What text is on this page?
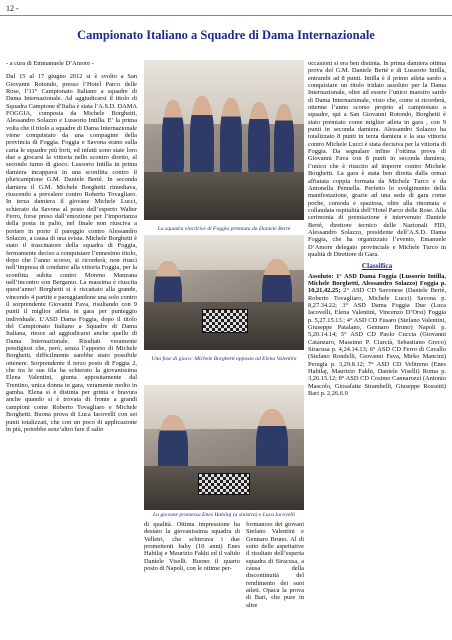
12 -
Campionato Italiano a Squadre di Dama Internazionale

- a cura di Emmanuele D’Amore -

Dal 15 al 17 giugno 2012 si è svolto a San Giovanni Rotondo, presso l’Hotel Parco delle Rose, l’11° Campionato Italiano a squadre di Dama Internazionale. Ad aggiudicarsi il titolo di Squadra Campione d’Italia è stata l’A.S.D. DAMA FOGGIA, composta da Michele Borghetti, Alessandro Solazzo e Lussorio Intilla. E’ la prima volta che il titolo a squadre di Dama Internazionale viene conquistato da una compagine della provincia di Foggia. Foggia e Savona erano sulla carta le squadre più forti, ed infatti sono state loro due a giocarsi la vittoria nello scontro diretto, al secondo turno di gioco. Lussorio Intilla in prima damiera incappava in una sconfitta contro il pluricampione G.M. Daniele Bertè. In seconda damiera il G.M. Michele Borghetti rimediava, riuscendo a prevalere contro Roberto Tovagliaro. In terza damiera il giovane Michele Lucci, schierato da Savona al posto dell’esperto Walter Ferro, forse preso dall’emozione per l’importanza della posta in palio, nel finale non riusciva a portare in porto il pareggio contro Alessandro Solazzo, a causa di una svista. Michele Borghetti è stato il trascinatore della squadra di Foggia, fermamente deciso a conquistare l’ennesimo titolo, dopo che l’anno scorso, si ricorderà, non riuscì nell’impresa di condurre alla vittoria Foggia, per la sconfitta subita contro Moreno Manzana nell’incontro con Bergamo. La massima è riuscita quest’anno! Borghetti si è riscattato alla grande, vincendo 4 partite e pareggiandone una solo contro il sorprendente Giovanni Fava, risultando con 9 punti il miglior atleta in gara per punteggio individuale. L’ASD Dama Foggia, dopo il titolo del Campionato Italiano a Squadre di Dama Italiana, riesce ad aggiudicarsi anche quello di Dama Internazionale. Risultati veramente prestigiosi che, però, senza l’apporto di Michele Borghetti, difficilmente sarebbe stato possibile ottenere. Sorprendente il terzo posto di Foggia 2, che tra le sue fila ha schierato la giovanissima Elena Valentini, giunta appositamente dal Trentino, unica donna in gara, veramente molto in gamba. Elena si è distinta per grinta e bravura anche quando si è trovata di fronte a grandi campioni come Roberto Tovagliaro e Michele Borghetti. Buona prova di Luca Iacovelli con sei punti totalizzati, che con un poco di applicazione in più, potrebbe senz’altro fare il salto

La squadra vincitrice di Foggia premiata da Daniele Bertè
Una fase di gioco: Michele Borghetti opposto ad Elena Valentini
La giovane promessa Enes Habilaj (a sinistra) e Luca Iacovelli
di qualità. Ottima impressione ha destato la giovanissima squadra di Velletri, che schierava i due promettenti baby (10 anni) Enes Habilaj e Maurizio Fakhi ed il valido Daniele Viselli. Buono il quarto posto di Napoli, con le ottime per-
formances dei giovani Stefano Valentini e Gennaro Bruno. Al di sotto delle aspettative il risultato dell’esperta squadra di Siracusa, a causa della discontinuità del rendimento dei suoi atleti. Opaca la prova di Bari, che pure in altre

occasioni si era ben distinta. In prima damiera ottima prova del G.M. Daniele Bertè e di Lussorio Intilla, entrambi ad 8 punti. Intilla è il primo atleta sardo a conquistare un titolo tridato assoluto per la Dama Internazionale, oltre ad essere l’unico maestro sardo di Dama Internazionale, visto che, come si ricorderà, ottenne l’anno scorso proprio al campionato a squadre, qui a San Giovanni Rotondo, Borghetti è stato premiato come miglior atleta in gara , con 9 punti in seconda damiera. Alessandro Solazzo ha totalizzato 8 punti in terza damiera e la sua vittoria contro Michele Lucci è stata decisiva per la vittoria di Foggia. Da segnalare infine l’ottima prova di Giovanni Fava con 8 punti in seconda damiera, l’unico che è riuscito ad imporre contro Michele Borghetti. La gara è stata ben diretta dalla ormai affiatata coppia formata da Michele Turco e da Antonella Pennella. Perfetto lo svolgimento della manifestazione, grazie ad una sede di gara come poche, comoda e spaziosa, oltre alla rinomata e collaudata ospitalità dell’Hotel Parco delle Rose. Alla cerimonia di premiazione è intervenuto Daniele Bertè, direttore tecnico delle Nazionali FID, Alessandro Solazzo, presidente dell’A.S.D. Dama Foggia, che ha organizzato l’evento, Emanuele D’Amore delegato provinciale e Michele Turco in qualità di Direttore di Gara.

Classifica

Assoluto: 1° ASD Dama Foggia (Lussorio Intilla, Michele Borghetti, Alessandro Solazzo) Foggia p. 10,21,42.25; 2° ASD CD Savonese (Daniele Bertè, Roberto Tovagliaro, Michele Lucci) Savona p. 8,27.34.22; 3° ASD Dama Foggia Due (Luca Iacovelli, Elena Valentini, Vincenzo D’Orsi) Foggia p. 5,27.15.13.; 4° ASD CD Fusaro (Stefano Valentini, Giuseppe Patalano, Gennaro Bruno) Napoli p. 5,20.14.14; 5° ASD CD Paolo Cuccia (Giovanni Catanzaro, Massimo P. Ciarcià, Sebastiano Greco) Siracusa p. 4,24.14.13; 6° ASD CD Ferro di Cavallo (Stefano Rondelli, Giovanni Fava, Mirko Mancini) Perugia p. 3,29.8.12; 7° ASD CD Velitreno (Enes Habilaj, Maurizio Fakhi, Daniele Viselli) Roma p. 3,26.15.12; 8° ASD CD Cosimo Cannarozzi (Antonio Mascolo, Giosafatte Strambelli, Giuseppe Rossetti) Bari p. 2,26.6.9
